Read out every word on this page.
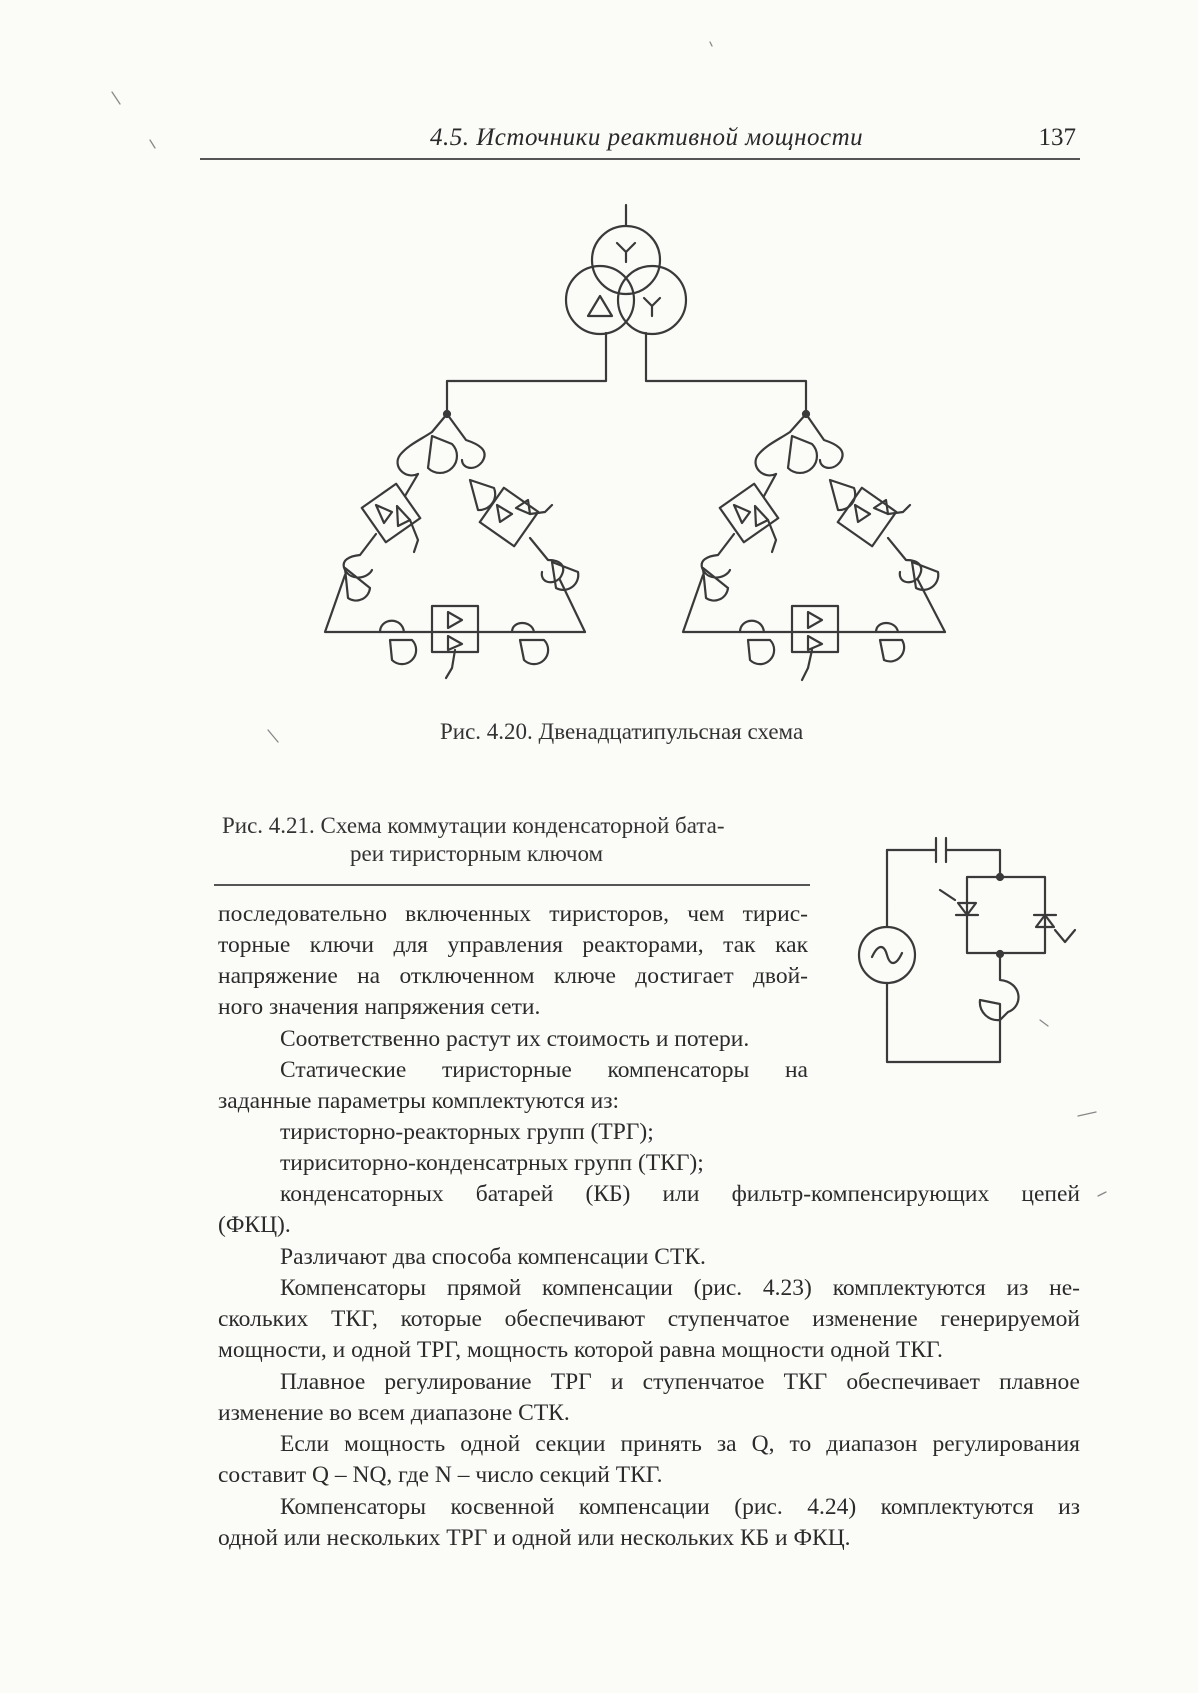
4.5. Источники реактивной мощности	137
Рис. 4.20. Двенадцатипульсная схема
Рис. 4.21. Схема коммутации конденсаторной бата-
реи тиристорным ключом

последовательно включенных тиристоров, чем тирис-

торные ключи для управления реакторами, так как

напряжение на отключенном ключе достигает двой-

ного значения напряжения сети.

Соответственно растут их стоимость и потери.

Статические тиристорные компенсаторы на

заданные параметры комплектуются из:

тиристорно-реакторных групп (ТРГ);

тириситорно-конденсатрных групп (ТКГ);

конденсаторных батарей (КБ) или фильтр-компенсирующих цепей

(ФКЦ).

Различают два способа компенсации СТК.

Компенсаторы прямой компенсации (рис. 4.23) комплектуются из не-

скольких ТКГ, которые обеспечивают ступенчатое изменение генерируемой

мощности, и одной ТРГ, мощность которой равна мощности одной ТКГ.

Плавное регулирование ТРГ и ступенчатое ТКГ обеспечивает плавное

изменение во всем диапазоне СТК.

Если мощность одной секции принять за Q, то диапазон регулирования

составит Q – NQ, где N – число секций ТКГ.

Компенсаторы косвенной компенсации (рис. 4.24) комплектуются из

одной или нескольких ТРГ и одной или нескольких КБ и ФКЦ.
